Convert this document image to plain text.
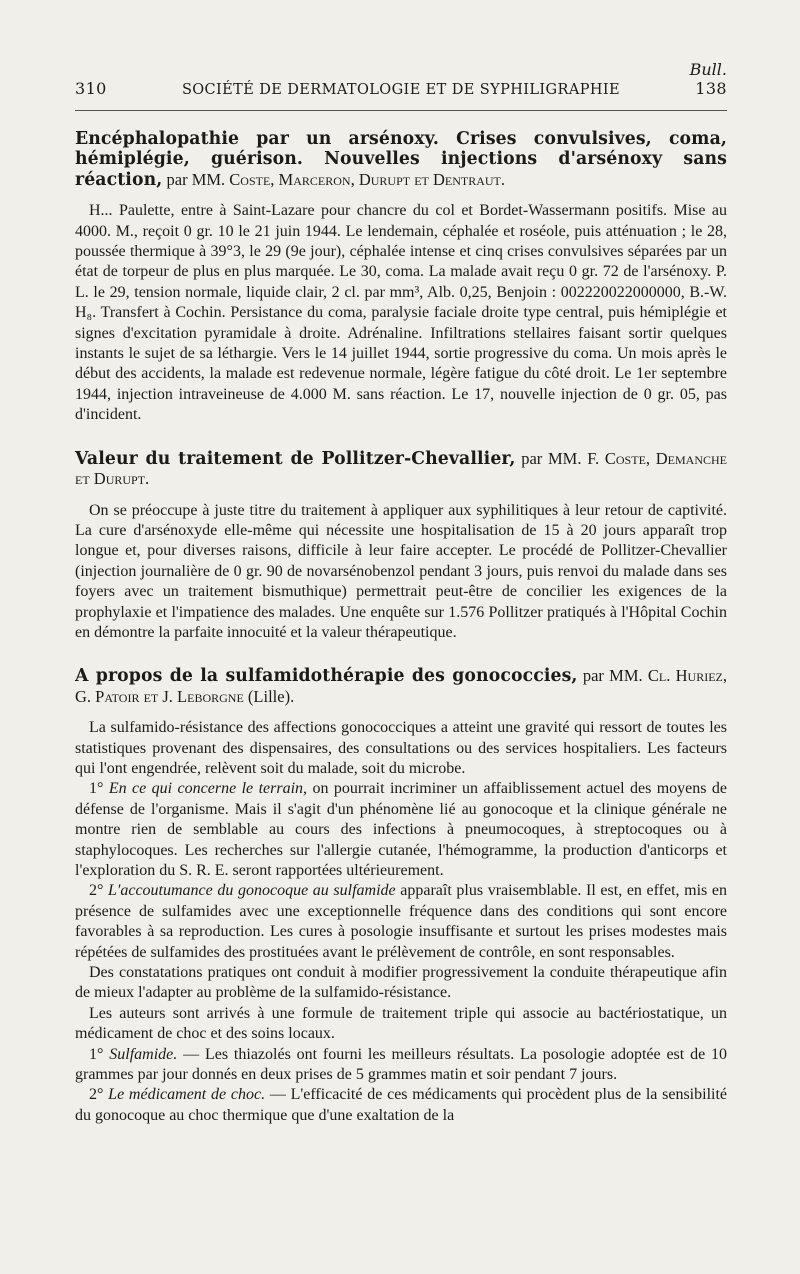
Bull.
310	SOCIÉTÉ DE DERMATOLOGIE ET DE SYPHILIGRAPHIE	138

Encéphalopathie par un arsénoxy. Crises convulsives, coma, hémiplégie, guérison. Nouvelles injections d'arsénoxy sans réaction, par MM. Coste, Marceron, Durupt et Dentraut.

H... Paulette, entre à Saint-Lazare pour chancre du col et Bordet-Wassermann positifs. Mise au 4000. M., reçoit 0 gr. 10 le 21 juin 1944. Le lendemain, céphalée et roséole, puis atténuation ; le 28, poussée thermique à 39°3, le 29 (9e jour), céphalée intense et cinq crises convulsives séparées par un état de torpeur de plus en plus marquée. Le 30, coma. La malade avait reçu 0 gr. 72 de l'arsénoxy. P. L. le 29, tension normale, liquide clair, 2 cl. par mm³, Alb. 0,25, Benjoin : 002220022000000, B.-W. H₈. Transfert à Cochin. Persistance du coma, paralysie faciale droite type central, puis hémiplégie et signes d'excitation pyramidale à droite. Adrénaline. Infiltrations stellaires faisant sortir quelques instants le sujet de sa léthargie. Vers le 14 juillet 1944, sortie progressive du coma. Un mois après le début des accidents, la malade est redevenue normale, légère fatigue du côté droit. Le 1er septembre 1944, injection intraveineuse de 4.000 M. sans réaction. Le 17, nouvelle injection de 0 gr. 05, pas d'incident.

Valeur du traitement de Pollitzer-Chevallier, par MM. F. Coste, Demanche et Durupt.

On se préoccupe à juste titre du traitement à appliquer aux syphilitiques à leur retour de captivité. La cure d'arsénoxyde elle-même qui nécessite une hospitalisation de 15 à 20 jours apparaît trop longue et, pour diverses raisons, difficile à leur faire accepter. Le procédé de Pollitzer-Chevallier (injection journalière de 0 gr. 90 de novarsénobenzol pendant 3 jours, puis renvoi du malade dans ses foyers avec un traitement bismuthique) permettrait peut-être de concilier les exigences de la prophylaxie et l'impatience des malades. Une enquête sur 1.576 Pollitzer pratiqués à l'Hôpital Cochin en démontre la parfaite innocuité et la valeur thérapeutique.

A propos de la sulfamidothérapie des gonococcies, par MM. Cl. Huriez, G. Patoir et J. Leborgne (Lille).

La sulfamido-résistance des affections gonococciques a atteint une gravité qui ressort de toutes les statistiques provenant des dispensaires, des consultations ou des services hospitaliers. Les facteurs qui l'ont engendrée, relèvent soit du malade, soit du microbe.

1° En ce qui concerne le terrain, on pourrait incriminer un affaiblissement actuel des moyens de défense de l'organisme. Mais il s'agit d'un phénomène lié au gonocoque et la clinique générale ne montre rien de semblable au cours des infections à pneumocoques, à streptocoques ou à staphylocoques. Les recherches sur l'allergie cutanée, l'hémogramme, la production d'anticorps et l'exploration du S. R. E. seront rapportées ultérieurement.

2° L'accoutumance du gonocoque au sulfamide apparaît plus vraisemblable. Il est, en effet, mis en présence de sulfamides avec une exceptionnelle fréquence dans des conditions qui sont encore favorables à sa reproduction. Les cures à posologie insuffisante et surtout les prises modestes mais répétées de sulfamides des prostituées avant le prélèvement de contrôle, en sont responsables.

Des constatations pratiques ont conduit à modifier progressivement la conduite thérapeutique afin de mieux l'adapter au problème de la sulfamido-résistance.

Les auteurs sont arrivés à une formule de traitement triple qui associe au bactériostatique, un médicament de choc et des soins locaux.

1° Sulfamide. — Les thiazolés ont fourni les meilleurs résultats. La posologie adoptée est de 10 grammes par jour donnés en deux prises de 5 grammes matin et soir pendant 7 jours.

2° Le médicament de choc. — L'efficacité de ces médicaments qui procèdent plus de la sensibilité du gonocoque au choc thermique que d'une exaltation de la
